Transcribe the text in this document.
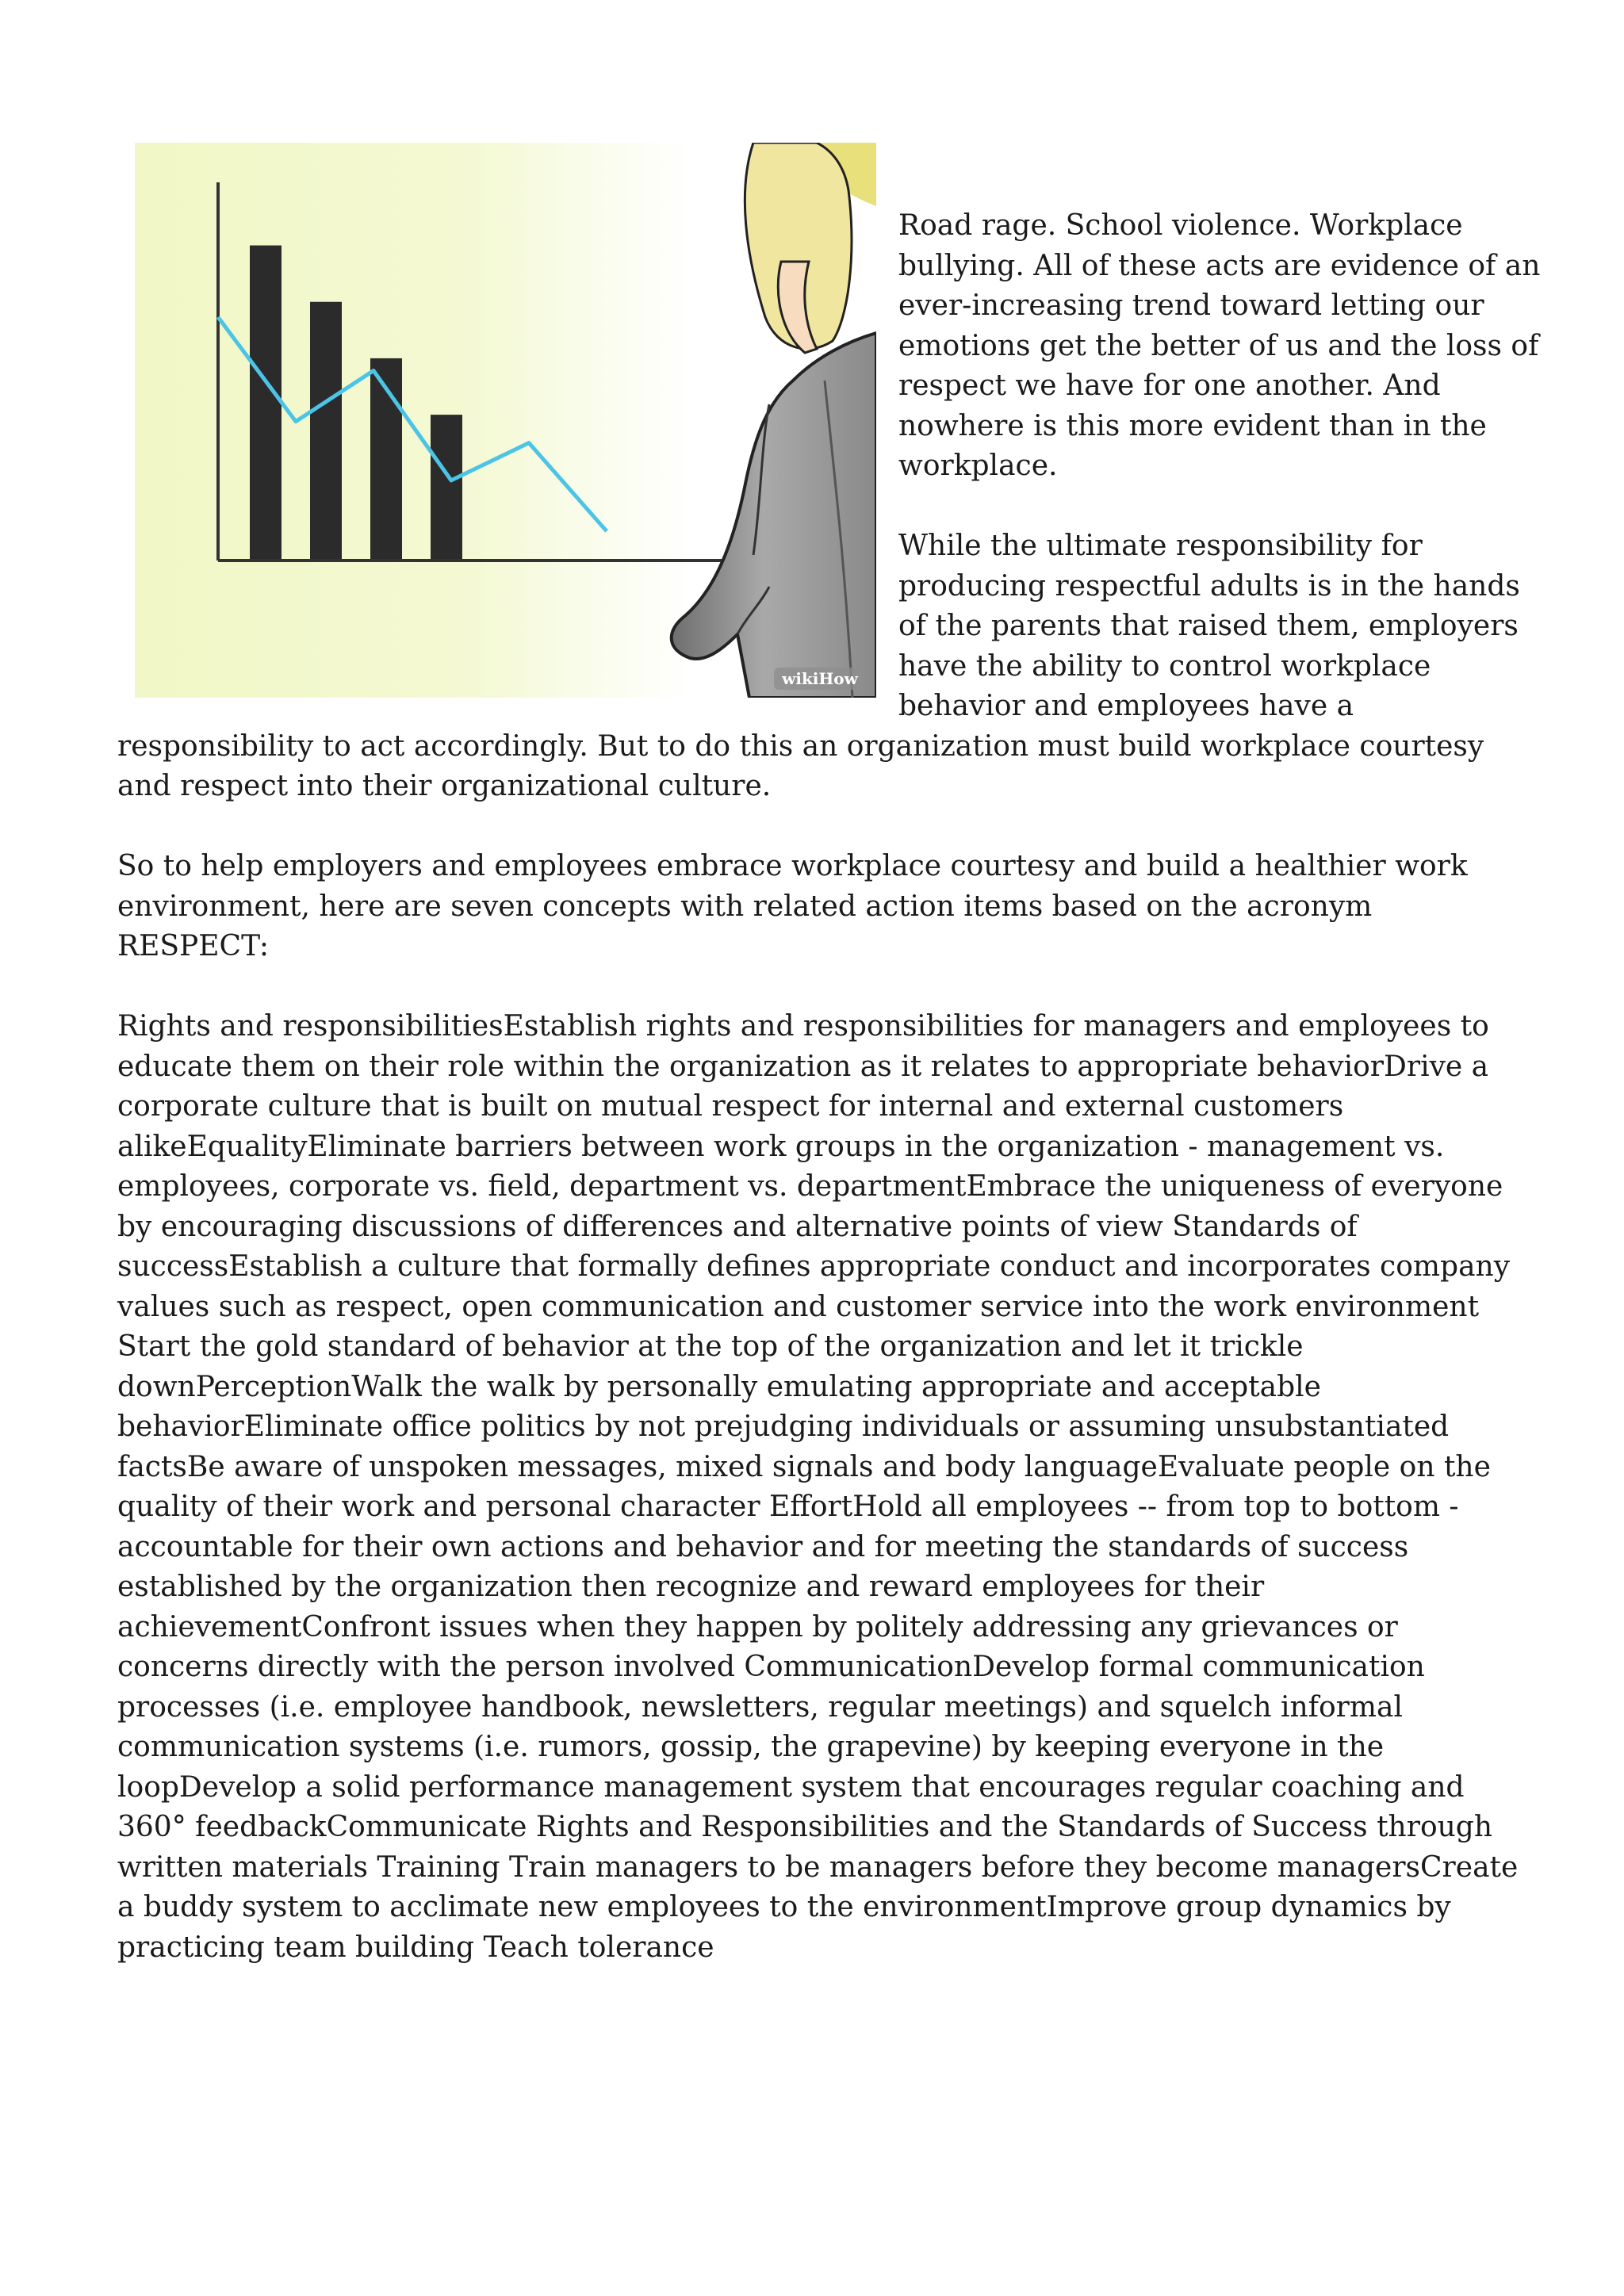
wikiHow

Road rage. School violence. Workplace bullying. All of these acts are evidence of an ever-increasing trend toward letting our emotions get the better of us and the loss of respect we have for one another. And nowhere is this more evident than in the workplace.

While the ultimate responsibility for producing respectful adults is in the hands of the parents that raised them, employers have the ability to control workplace behavior and employees have a responsibility to act accordingly. But to do this an organization must build workplace courtesy and respect into their organizational culture.

So to help employers and employees embrace workplace courtesy and build a healthier work environment, here are seven concepts with related action items based on the acronym RESPECT:

Rights and responsibilitiesEstablish rights and responsibilities for managers and employees to educate them on their role within the organization as it relates to appropriate behaviorDrive a corporate culture that is built on mutual respect for internal and external customers alikeEqualityEliminate barriers between work groups in the organization - management vs. employees, corporate vs. field, department vs. departmentEmbrace the uniqueness of everyone by encouraging discussions of differences and alternative points of view Standards of successEstablish a culture that formally defines appropriate conduct and incorporates company values such as respect, open communication and customer service into the work environment Start the gold standard of behavior at the top of the organization and let it trickle downPerceptionWalk the walk by personally emulating appropriate and acceptable behaviorEliminate office politics by not prejudging individuals or assuming unsubstantiated factsBe aware of unspoken messages, mixed signals and body languageEvaluate people on the quality of their work and personal character EffortHold all employees -- from top to bottom - accountable for their own actions and behavior and for meeting the standards of success established by the organization then recognize and reward employees for their achievementConfront issues when they happen by politely addressing any grievances or concerns directly with the person involved CommunicationDevelop formal communication processes (i.e. employee handbook, newsletters, regular meetings) and squelch informal communication systems (i.e. rumors, gossip, the grapevine) by keeping everyone in the loopDevelop a solid performance management system that encourages regular coaching and 360° feedbackCommunicate Rights and Responsibilities and the Standards of Success through written materials Training Train managers to be managers before they become managersCreate a buddy system to acclimate new employees to the environmentImprove group dynamics by practicing team building Teach tolerance
